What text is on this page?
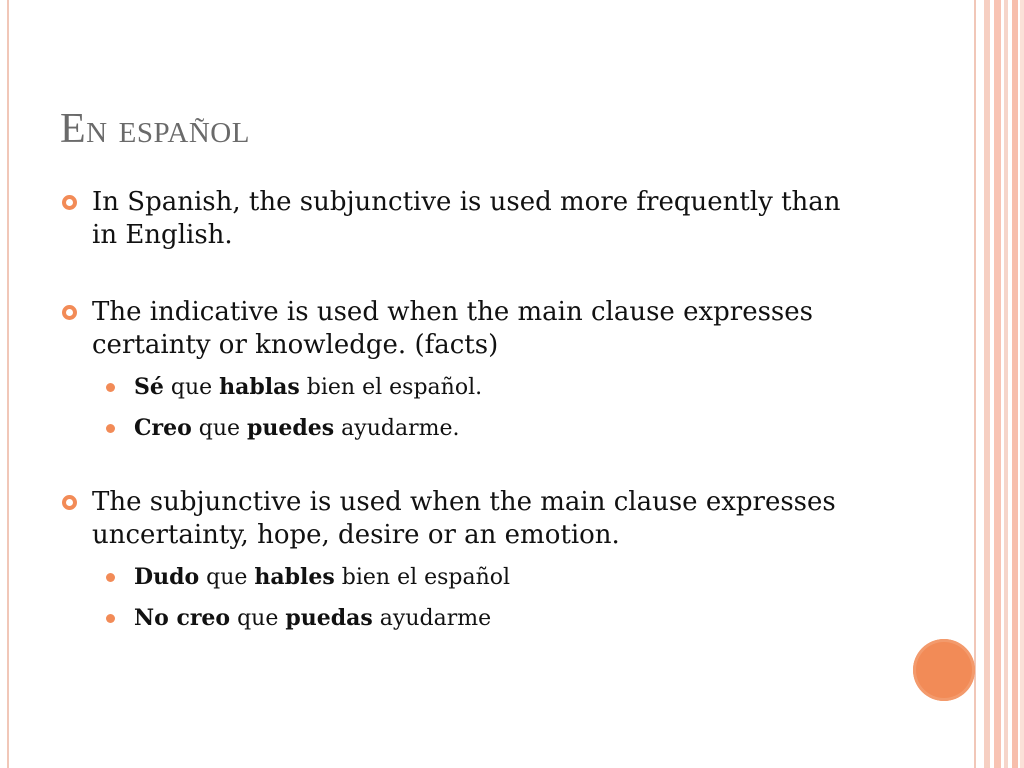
En español
In Spanish, the subjunctive is used more frequently than in English.
The indicative is used when the main clause expresses certainty or knowledge. (facts)
Sé que hablas bien el español.
Creo que puedes ayudarme.
The subjunctive is used when the main clause expresses uncertainty, hope, desire or an emotion.
Dudo que hables bien el español
No creo que puedas ayudarme
